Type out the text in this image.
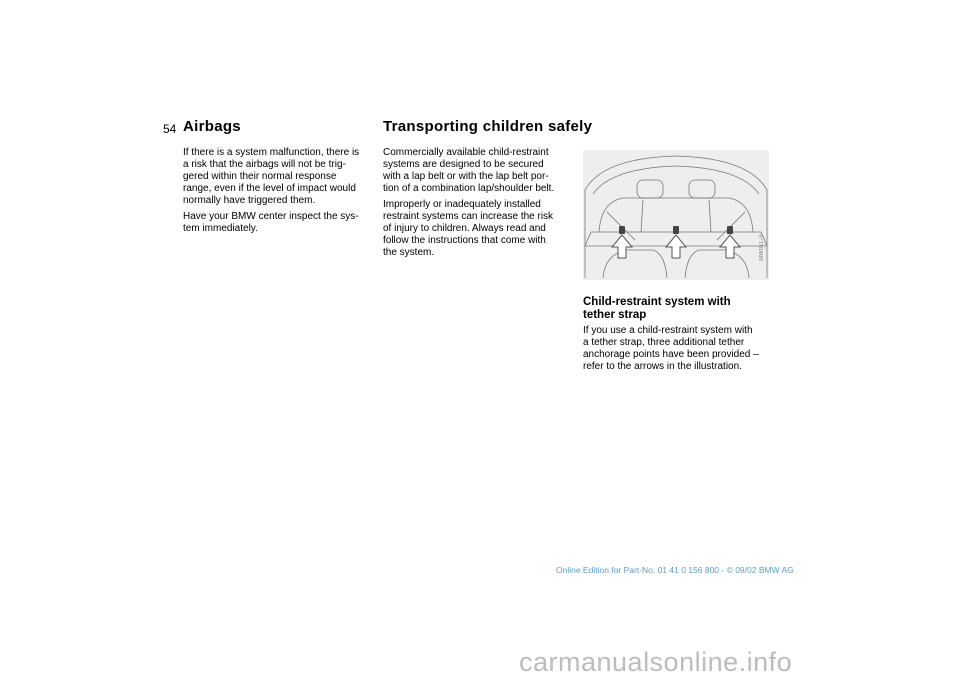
54 Airbags

If there is a system malfunction, there is

a risk that the airbags will not be trig-

gered within their normal response

range, even if the level of impact would

normally have triggered them.

Have your BMW center inspect the sys-

tem immediately.

Transporting children safely

Commercially available child-restraint

systems are designed to be secured

with a lap belt or with the lap belt por-

tion of a combination lap/shoulder belt.

Improperly or inadequately installed

restraint systems can increase the risk

of injury to children. Always read and

follow the instructions that come with

the system.	MW01176
Child-restraint system with
tether strap

If you use a child-restraint system with

a tether strap, three additional tether

anchorage points have been provided –

refer to the arrows in the illustration.

Online Edition for Part-No. 01 41 0 156 800 - © 09/02 BMW AG
carmanualsonline.info
